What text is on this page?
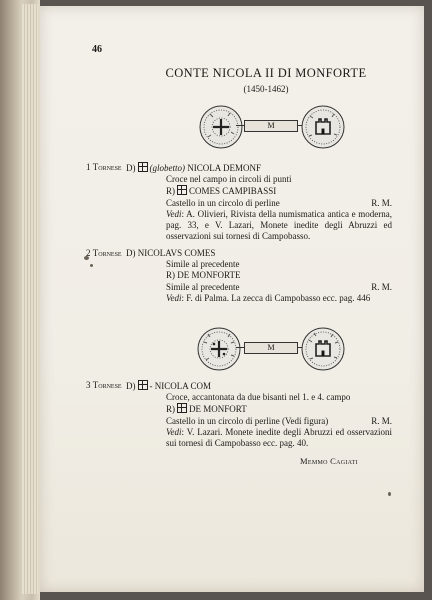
46
CONTE NICOLA II DI MONFORTE
(1450-1462)
M
1 Tornese D) (globetto) NICOLA DEMONF
Croce nel campo in circoli di punti
R) COMES CAMPIBASSI
Castello in un circolo di perline	R. M.
Vedi: A. Olivieri, Rivista della numismatica antica e moderna, pag. 33, e V. Lazari, Monete inedite degli Abruzzi ed osservazioni sui tornesi di Campobasso.
2 Tornese D) NICOLAVS COMES
Simile al precedente
R) DE MONFORTE
Simile al precedente	R. M.
Vedi: F. di Palma. La zecca di Campobasso ecc. pag. 446
M
3 Tornese D) - NICOLA COM
Croce, accantonata da due bisanti nel 1. e 4. campo
R) DE MONFORT
Castello in un circolo di perline (Vedi figura)	R. M.
Vedi: V. Lazari. Monete inedite degli Abruzzi ed osservazioni sui tornesi di Campobasso ecc. pag. 40.
Memmo Cagiati
